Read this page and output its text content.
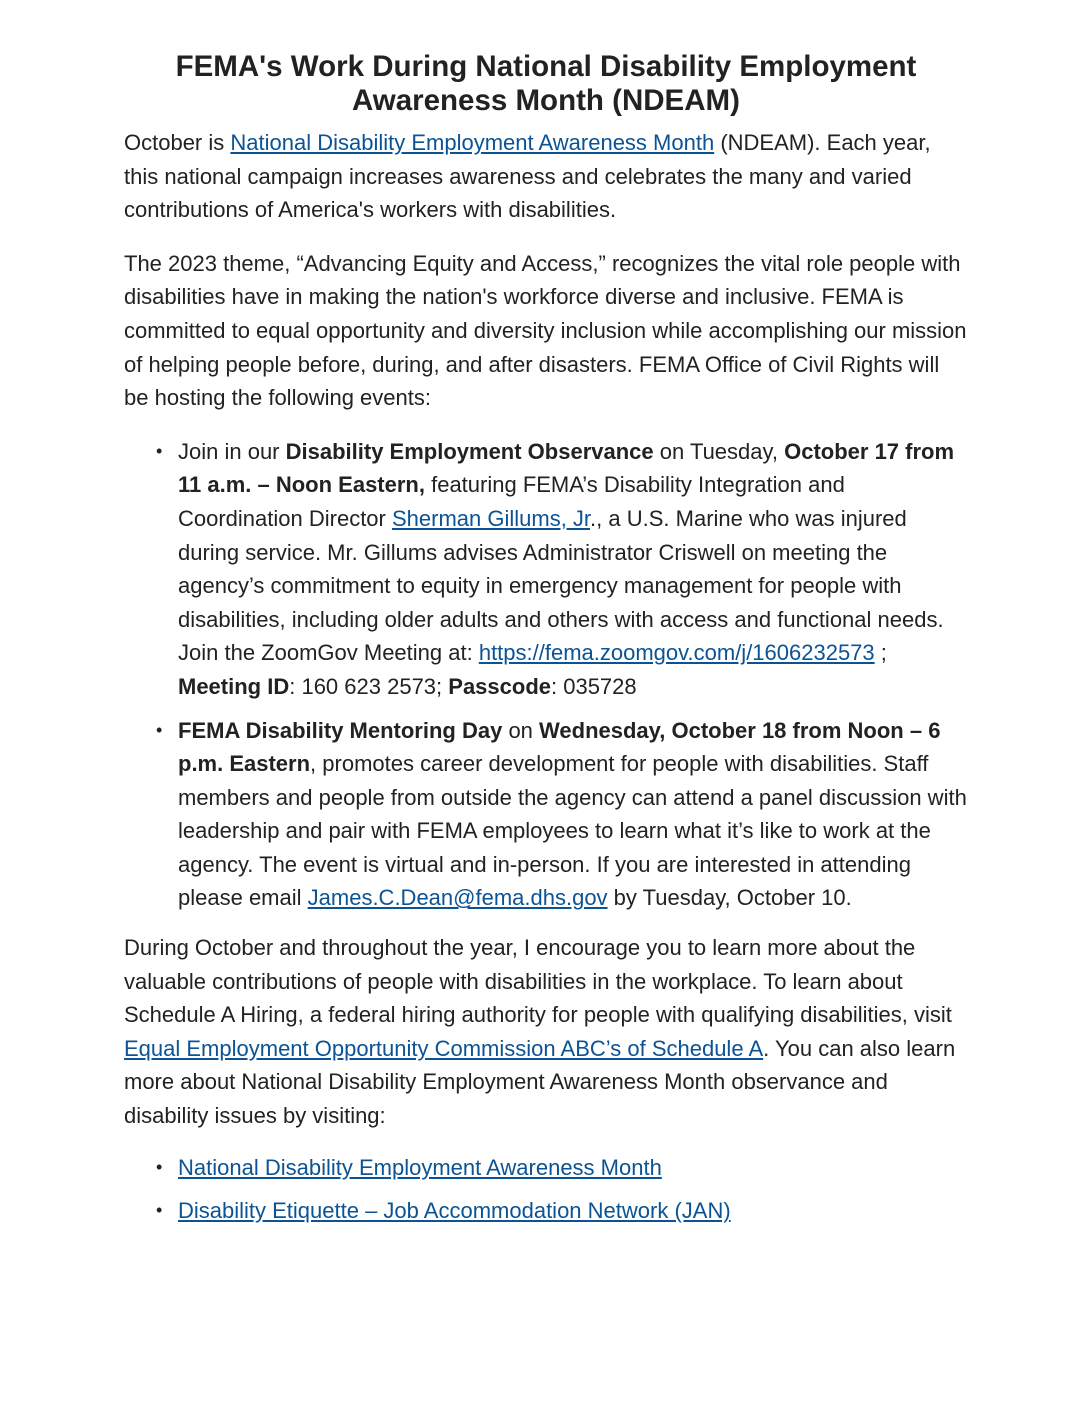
FEMA's Work During National Disability Employment Awareness Month (NDEAM)

October is National Disability Employment Awareness Month (NDEAM). Each year, this national campaign increases awareness and celebrates the many and varied contributions of America's workers with disabilities.

The 2023 theme, “Advancing Equity and Access,” recognizes the vital role people with disabilities have in making the nation's workforce diverse and inclusive. FEMA is committed to equal opportunity and diversity inclusion while accomplishing our mission of helping people before, during, and after disasters. FEMA Office of Civil Rights will be hosting the following events:

• Join in our Disability Employment Observance on Tuesday, October 17 from 11 a.m. – Noon Eastern, featuring FEMA’s Disability Integration and Coordination Director Sherman Gillums, Jr., a U.S. Marine who was injured during service. Mr. Gillums advises Administrator Criswell on meeting the agency’s commitment to equity in emergency management for people with disabilities, including older adults and others with access and functional needs. Join the ZoomGov Meeting at: https://fema.zoomgov.com/j/1606232573 ; Meeting ID: 160 623 2573; Passcode: 035728
• FEMA Disability Mentoring Day on Wednesday, October 18 from Noon – 6 p.m. Eastern, promotes career development for people with disabilities. Staff members and people from outside the agency can attend a panel discussion with leadership and pair with FEMA employees to learn what it’s like to work at the agency. The event is virtual and in-person. If you are interested in attending please email James.C.Dean@fema.dhs.gov by Tuesday, October 10.

During October and throughout the year, I encourage you to learn more about the valuable contributions of people with disabilities in the workplace. To learn about Schedule A Hiring, a federal hiring authority for people with qualifying disabilities, visit Equal Employment Opportunity Commission ABC’s of Schedule A. You can also learn more about National Disability Employment Awareness Month observance and disability issues by visiting:

• National Disability Employment Awareness Month
• Disability Etiquette – Job Accommodation Network (JAN)
